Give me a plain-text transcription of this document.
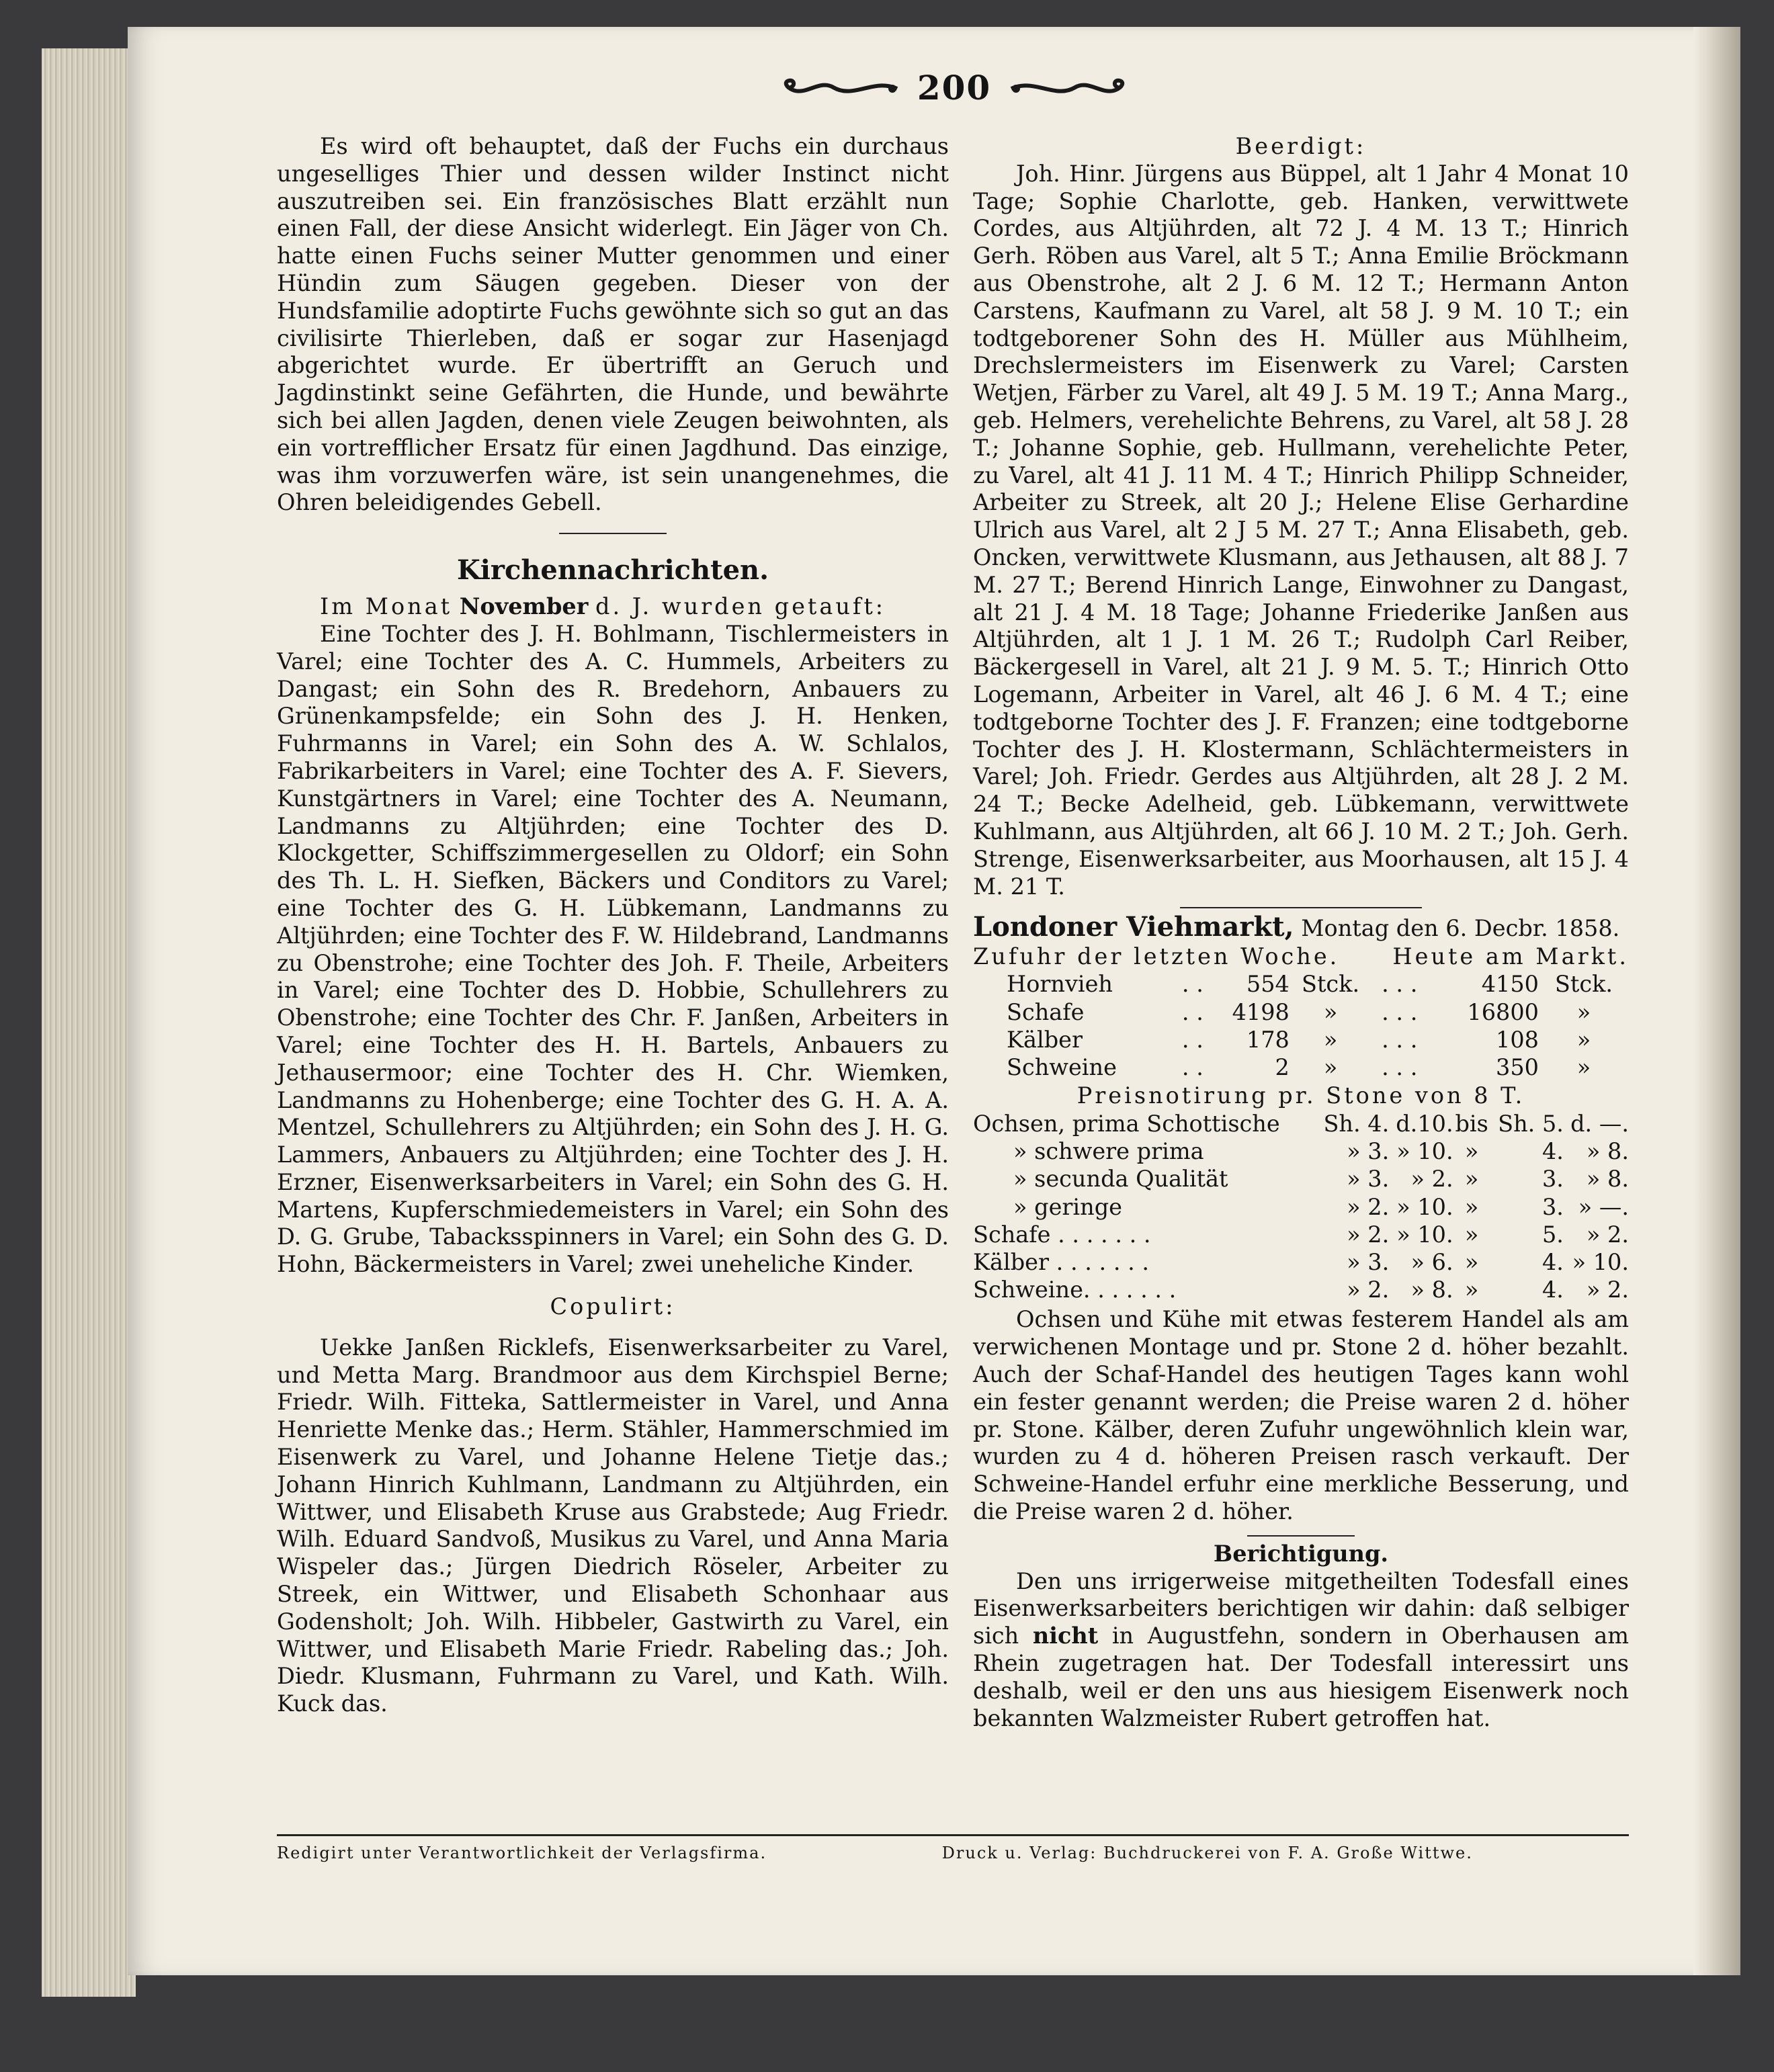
200

Es wird oft behauptet, daß der Fuchs ein durchaus ungeselliges Thier und dessen wilder Instinct nicht auszutreiben sei. Ein französisches Blatt erzählt nun einen Fall, der diese Ansicht widerlegt. Ein Jäger von Ch. hatte einen Fuchs seiner Mutter genommen und einer Hündin zum Säugen gegeben. Dieser von der Hundsfamilie adoptirte Fuchs gewöhnte sich so gut an das civilisirte Thierleben, daß er sogar zur Hasenjagd abgerichtet wurde. Er übertrifft an Geruch und Jagdinstinkt seine Gefährten, die Hunde, und bewährte sich bei allen Jagden, denen viele Zeugen beiwohnten, als ein vortrefflicher Ersatz für einen Jagdhund. Das einzige, was ihm vorzuwerfen wäre, ist sein unangenehmes, die Ohren beleidigendes Gebell.

Kirchennachrichten.

Im Monat November d. J. wurden getauft:

Eine Tochter des J. H. Bohlmann, Tischlermeisters in Varel; eine Tochter des A. C. Hummels, Arbeiters zu Dangast; ein Sohn des R. Bredehorn, Anbauers zu Grünenkampsfelde; ein Sohn des J. H. Henken, Fuhrmanns in Varel; ein Sohn des A. W. Schlalos, Fabrikarbeiters in Varel; eine Tochter des A. F. Sievers, Kunstgärtners in Varel; eine Tochter des A. Neumann, Landmanns zu Altjührden; eine Tochter des D. Klockgetter, Schiffszimmergesellen zu Oldorf; ein Sohn des Th. L. H. Siefken, Bäckers und Conditors zu Varel; eine Tochter des G. H. Lübkemann, Landmanns zu Altjührden; eine Tochter des F. W. Hildebrand, Landmanns zu Obenstrohe; eine Tochter des Joh. F. Theile, Arbeiters in Varel; eine Tochter des D. Hobbie, Schullehrers zu Obenstrohe; eine Tochter des Chr. F. Janßen, Arbeiters in Varel; eine Tochter des H. H. Bartels, Anbauers zu Jethausermoor; eine Tochter des H. Chr. Wiemken, Landmanns zu Hohenberge; eine Tochter des G. H. A. A. Mentzel, Schullehrers zu Altjührden; ein Sohn des J. H. G. Lammers, Anbauers zu Altjührden; eine Tochter des J. H. Erzner, Eisenwerksarbeiters in Varel; ein Sohn des G. H. Martens, Kupferschmiedemeisters in Varel; ein Sohn des D. G. Grube, Tabacksspinners in Varel; ein Sohn des G. D. Hohn, Bäckermeisters in Varel; zwei uneheliche Kinder.

Copulirt:

Uekke Janßen Ricklefs, Eisenwerksarbeiter zu Varel, und Metta Marg. Brandmoor aus dem Kirchspiel Berne; Friedr. Wilh. Fitteka, Sattlermeister in Varel, und Anna Henriette Menke das.; Herm. Stähler, Hammerschmied im Eisenwerk zu Varel, und Johanne Helene Tietje das.; Johann Hinrich Kuhlmann, Landmann zu Altjührden, ein Wittwer, und Elisabeth Kruse aus Grabstede; Aug Friedr. Wilh. Eduard Sandvoß, Musikus zu Varel, und Anna Maria Wispeler das.; Jürgen Diedrich Röseler, Arbeiter zu Streek, ein Wittwer, und Elisabeth Schonhaar aus Godensholt; Joh. Wilh. Hibbeler, Gastwirth zu Varel, ein Wittwer, und Elisabeth Marie Friedr. Rabeling das.; Joh. Diedr. Klusmann, Fuhrmann zu Varel, und Kath. Wilh. Kuck das.

Beerdigt:

Joh. Hinr. Jürgens aus Büppel, alt 1 Jahr 4 Monat 10 Tage; Sophie Charlotte, geb. Hanken, verwittwete Cordes, aus Altjührden, alt 72 J. 4 M. 13 T.; Hinrich Gerh. Röben aus Varel, alt 5 T.; Anna Emilie Bröckmann aus Obenstrohe, alt 2 J. 6 M. 12 T.; Hermann Anton Carstens, Kaufmann zu Varel, alt 58 J. 9 M. 10 T.; ein todtgeborener Sohn des H. Müller aus Mühlheim, Drechslermeisters im Eisenwerk zu Varel; Carsten Wetjen, Färber zu Varel, alt 49 J. 5 M. 19 T.; Anna Marg., geb. Helmers, verehelichte Behrens, zu Varel, alt 58 J. 28 T.; Johanne Sophie, geb. Hullmann, verehelichte Peter, zu Varel, alt 41 J. 11 M. 4 T.; Hinrich Philipp Schneider, Arbeiter zu Streek, alt 20 J.; Helene Elise Gerhardine Ulrich aus Varel, alt 2 J 5 M. 27 T.; Anna Elisabeth, geb. Oncken, verwittwete Klusmann, aus Jethausen, alt 88 J. 7 M. 27 T.; Berend Hinrich Lange, Einwohner zu Dangast, alt 21 J. 4 M. 18 Tage; Johanne Friederike Janßen aus Altjührden, alt 1 J. 1 M. 26 T.; Rudolph Carl Reiber, Bäckergesell in Varel, alt 21 J. 9 M. 5. T.; Hinrich Otto Logemann, Arbeiter in Varel, alt 46 J. 6 M. 4 T.; eine todtgeborne Tochter des J. F. Franzen; eine todtgeborne Tochter des J. H. Klostermann, Schlächtermeisters in Varel; Joh. Friedr. Gerdes aus Altjührden, alt 28 J. 2 M. 24 T.; Becke Adelheid, geb. Lübkemann, verwittwete Kuhlmann, aus Altjührden, alt 66 J. 10 M. 2 T.; Joh. Gerh. Strenge, Eisenwerksarbeiter, aus Moorhausen, alt 15 J. 4 M. 21 T.

Londoner Viehmarkt, Montag den 6. Decbr. 1858.

Zufuhr der letzten Woche.				Heute am Markt.		
Hornvieh	. .	554	Stck.	. . .	4150	Stck.
Schafe	. .	4198	»	. . .	16800	»
Kälber	. .	178	»	. . .	108	»
Schweine	. .	2	»	. . .	350	»

Preisnotirung pr. Stone von 8 T.

Ochsen, prima Schottische	Sh. 4.	d.10.	bis	Sh. 5.	d. —.
» schwere prima	» 3.	» 10.	»	4.	» 8.
» secunda Qualität	» 3.	» 2.	»	3.	» 8.
» geringe	» 2.	» 10.	»	3.	» —.
Schafe . . . . . . .	» 2.	» 10.	»	5.	» 2.
Kälber . . . . . . .	» 3.	» 6.	»	4.	» 10.
Schweine. . . . . . .	» 2.	» 8.	»	4.	» 2.

Ochsen und Kühe mit etwas festerem Handel als am verwichenen Montage und pr. Stone 2 d. höher bezahlt. Auch der Schaf-Handel des heutigen Tages kann wohl ein fester genannt werden; die Preise waren 2 d. höher pr. Stone. Kälber, deren Zufuhr ungewöhnlich klein war, wurden zu 4 d. höheren Preisen rasch verkauft. Der Schweine-Handel erfuhr eine merkliche Besserung, und die Preise waren 2 d. höher.

Berichtigung.

Den uns irrigerweise mitgetheilten Todesfall eines Eisenwerksarbeiters berichtigen wir dahin: daß selbiger sich nicht in Augustfehn, sondern in Oberhausen am Rhein zugetragen hat. Der Todesfall interessirt uns deshalb, weil er den uns aus hiesigem Eisenwerk noch bekannten Walzmeister Rubert getroffen hat.

Redigirt unter Verantwortlichkeit der Verlagsfirma.	Druck u. Verlag: Buchdruckerei von F. A. Große Wittwe.
